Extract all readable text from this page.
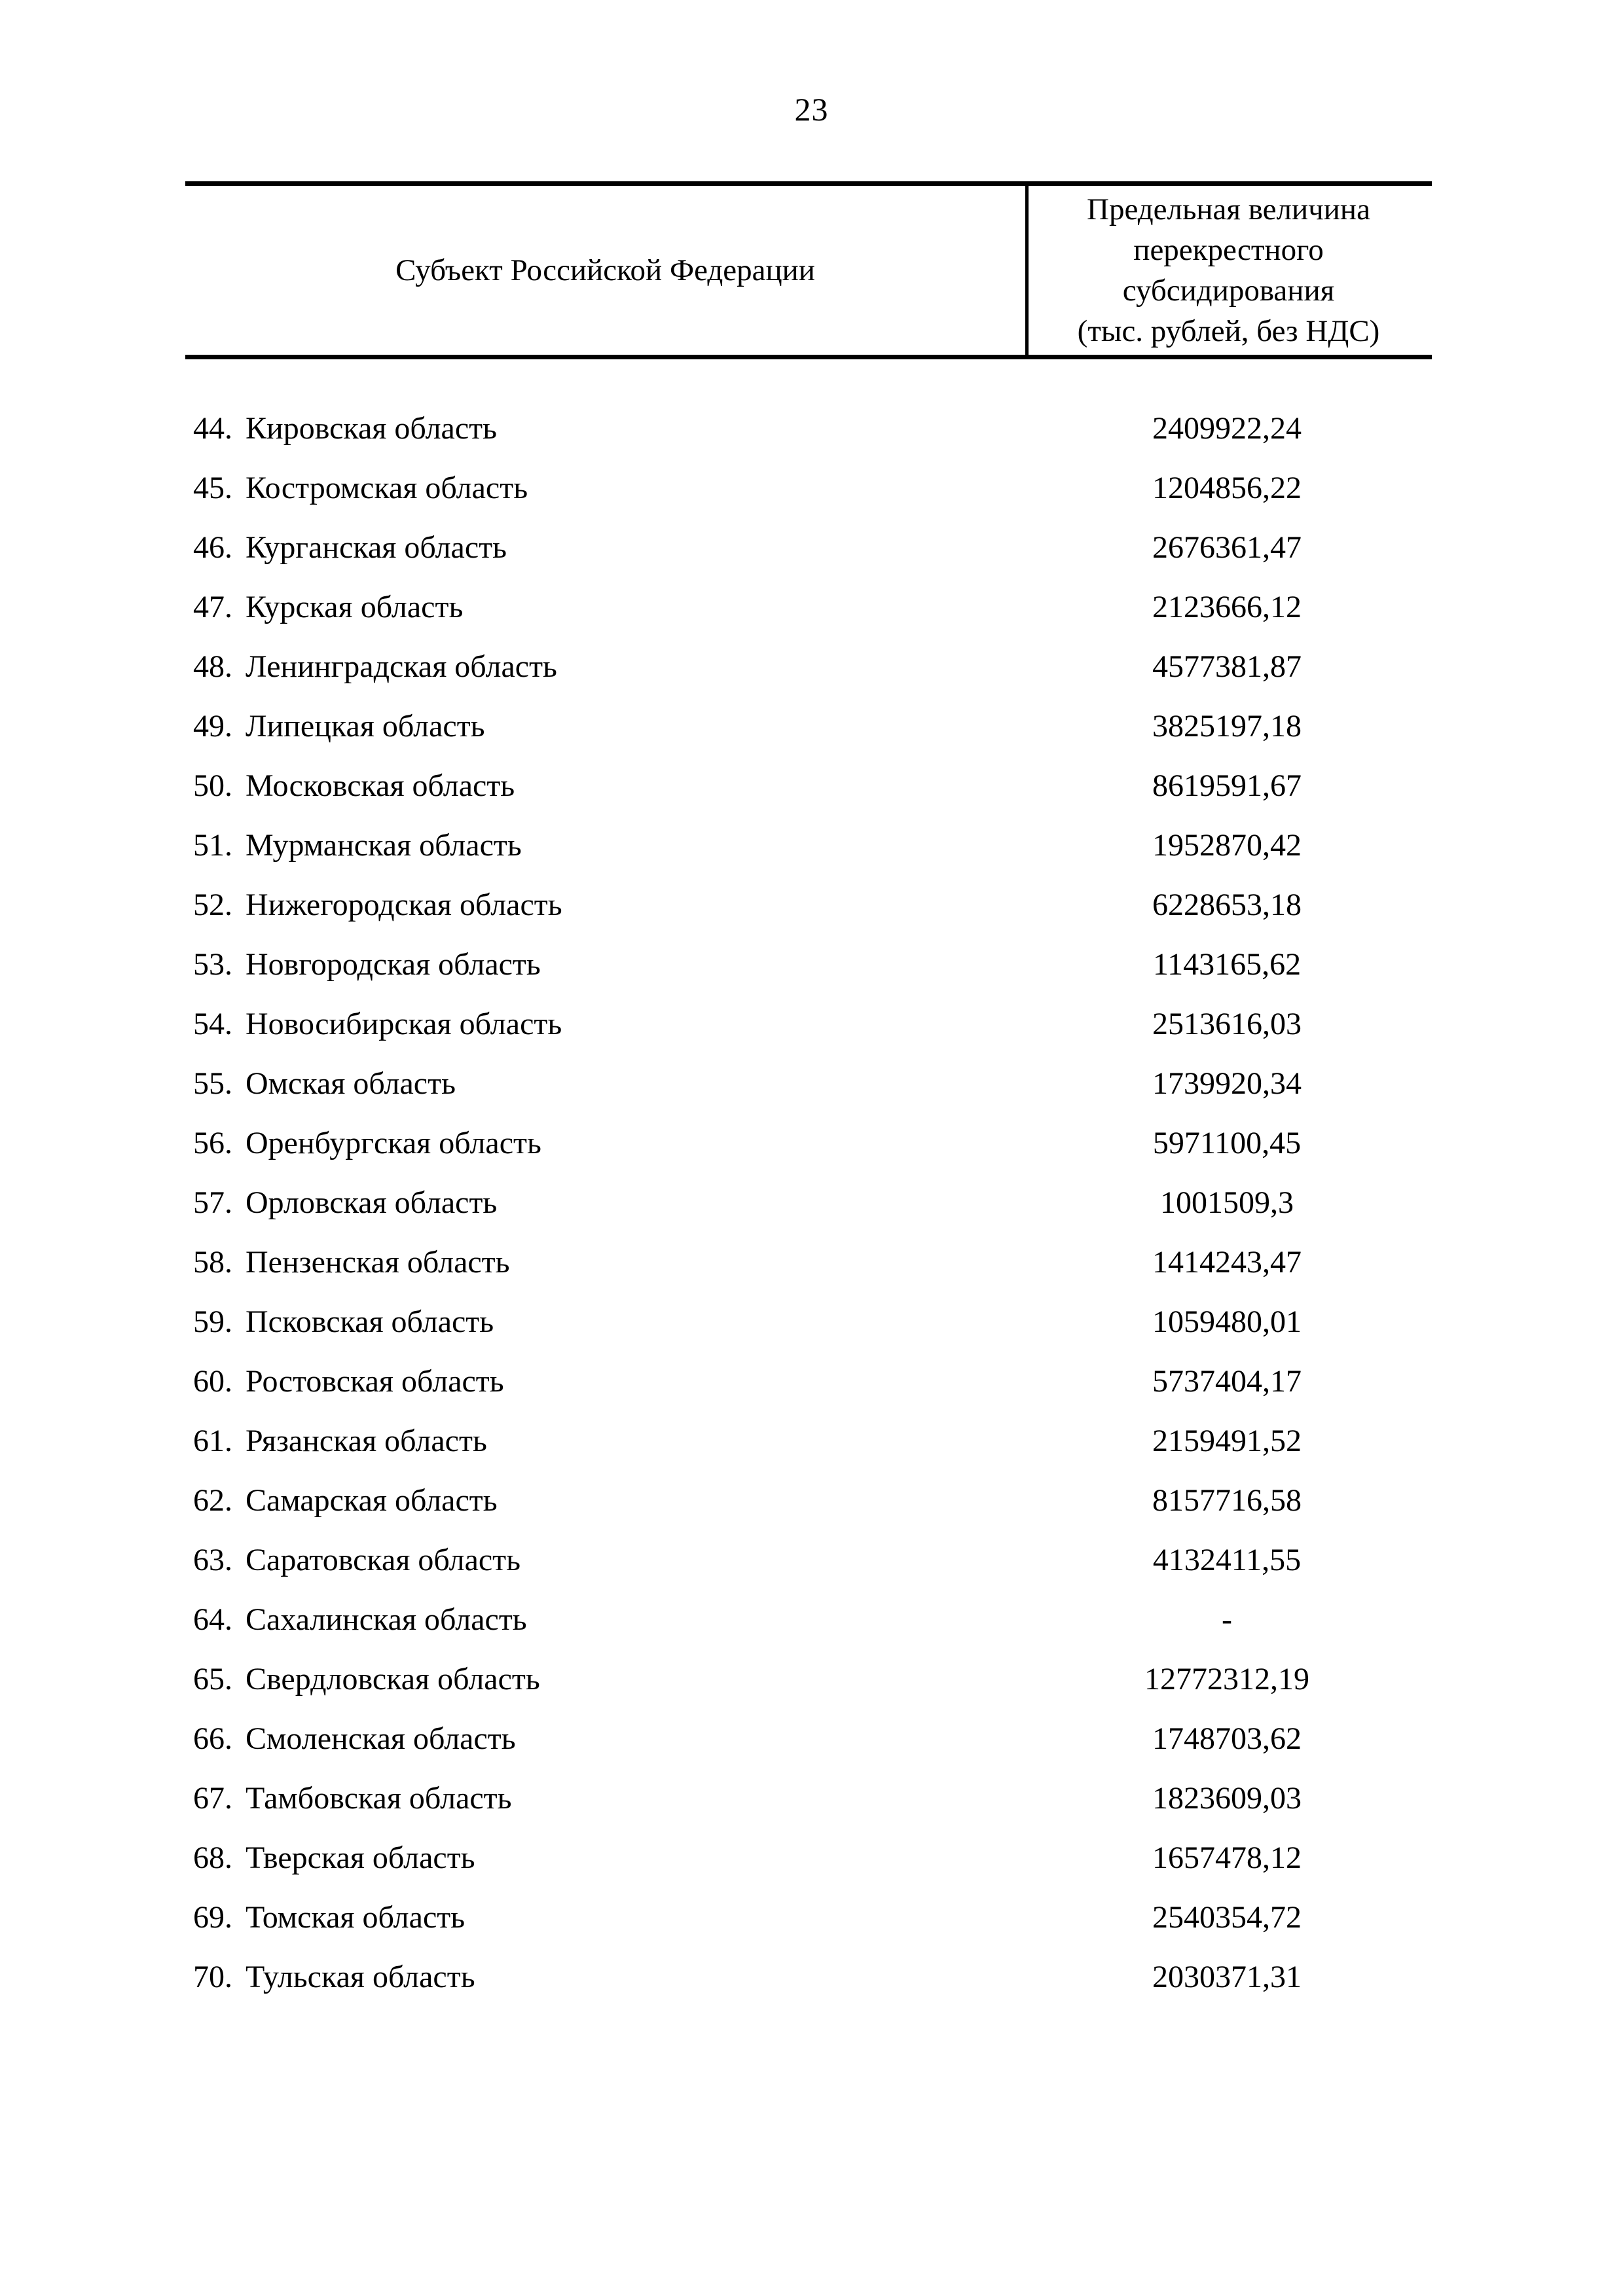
23
Субъект Российской Федерации
Предельная величина
перекрестного
субсидирования
(тыс. рублей, без НДС)
44. Кировская область	2409922,24
45. Костромская область	1204856,22
46. Курганская область	2676361,47
47. Курская область	2123666,12
48. Ленинградская область	4577381,87
49. Липецкая область	3825197,18
50. Московская область	8619591,67
51. Мурманская область	1952870,42
52. Нижегородская область	6228653,18
53. Новгородская область	1143165,62
54. Новосибирская область	2513616,03
55. Омская область	1739920,34
56. Оренбургская область	5971100,45
57. Орловская область	1001509,3
58. Пензенская область	1414243,47
59. Псковская область	1059480,01
60. Ростовская область	5737404,17
61. Рязанская область	2159491,52
62. Самарская область	8157716,58
63. Саратовская область	4132411,55
64. Сахалинская область	-
65. Свердловская область	12772312,19
66. Смоленская область	1748703,62
67. Тамбовская область	1823609,03
68. Тверская область	1657478,12
69. Томская область	2540354,72
70. Тульская область	2030371,31
